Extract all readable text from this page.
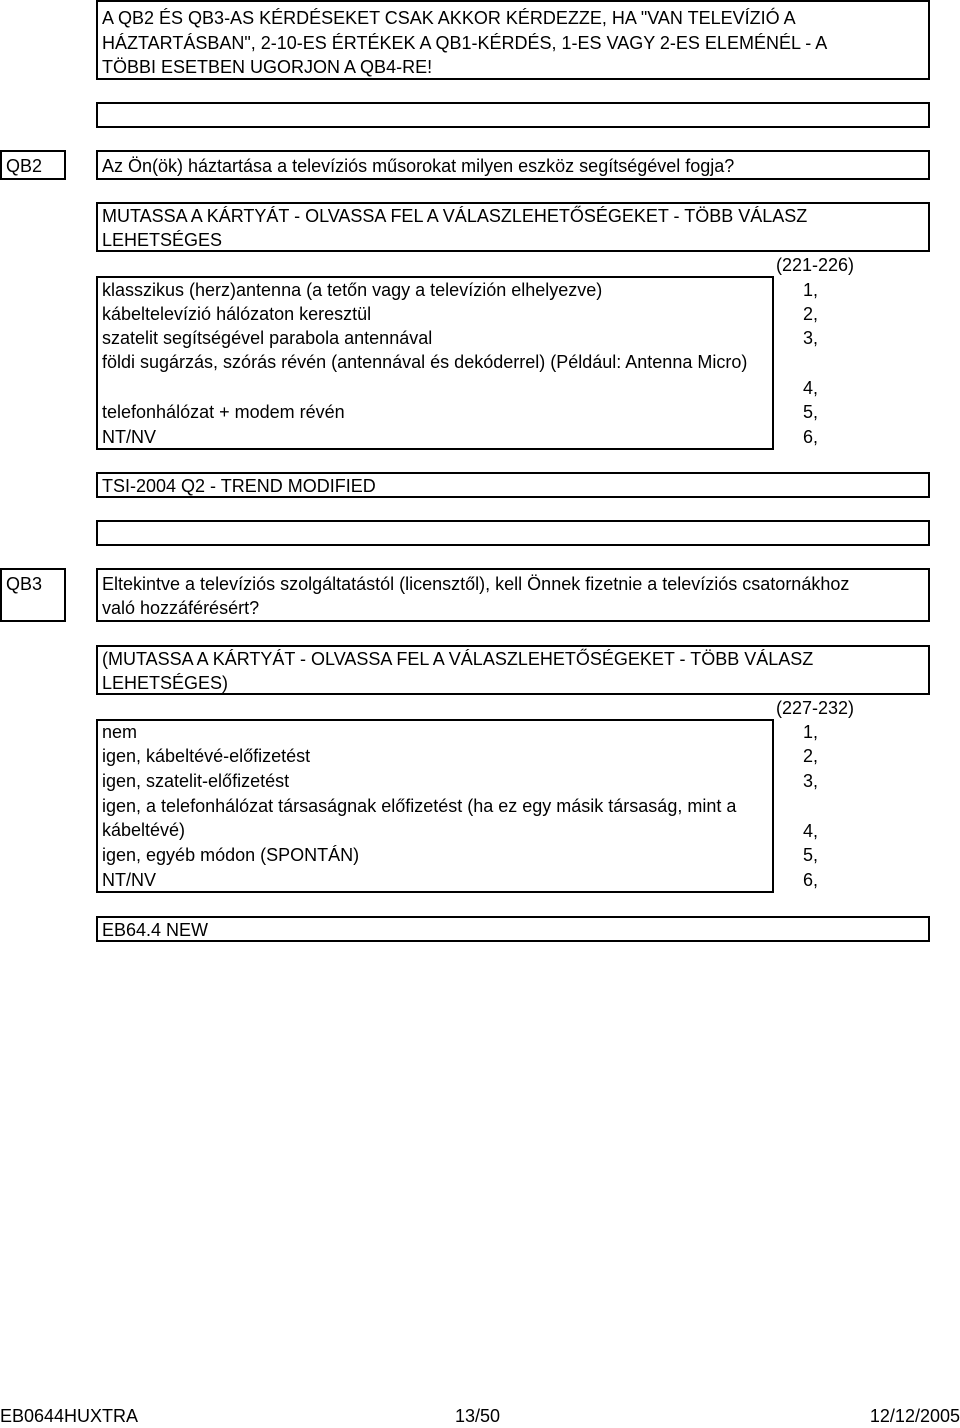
A QB2 ÉS QB3-AS KÉRDÉSEKET CSAK AKKOR KÉRDEZZE, HA "VAN TELEVÍZIÓ A
HÁZTARTÁSBAN", 2-10-ES ÉRTÉKEK A QB1-KÉRDÉS, 1-ES VAGY 2-ES ELEMÉNÉL - A
TÖBBI ESETBEN UGORJON A QB4-RE!
QB2	Az Ön(ök) háztartása a televíziós műsorokat milyen eszköz segítségével fogja?
MUTASSA A KÁRTYÁT - OLVASSA FEL A VÁLASZLEHETŐSÉGEKET - TÖBB VÁLASZ
LEHETSÉGES
(221-226)
klasszikus (herz)antenna (a tetőn vagy a televízión elhelyezve)	1,
kábeltelevízió hálózaton keresztül	2,
szatelit segítségével parabola antennával	3,
földi sugárzás, szórás révén (antennával és dekóderrel) (Például: Antenna Micro)
4,
telefonhálózat + modem révén	5,
NT/NV	6,
TSI-2004 Q2 - TREND MODIFIED
QB3	Eltekintve a televíziós szolgáltatástól (licensztől), kell Önnek fizetnie a televíziós csatornákhoz
való hozzáférésért?
(MUTASSA A KÁRTYÁT - OLVASSA FEL A VÁLASZLEHETŐSÉGEKET - TÖBB VÁLASZ
LEHETSÉGES)
(227-232)
nem	1,
igen, kábeltévé-előfizetést	2,
igen, szatelit-előfizetést	3,
igen, a telefonhálózat társaságnak előfizetést (ha ez egy másik társaság, mint a kábeltévé)	4,
igen, egyéb módon (SPONTÁN)	5,
NT/NV	6,
EB64.4 NEW
EB0644HUXTRA	13/50	12/12/2005
